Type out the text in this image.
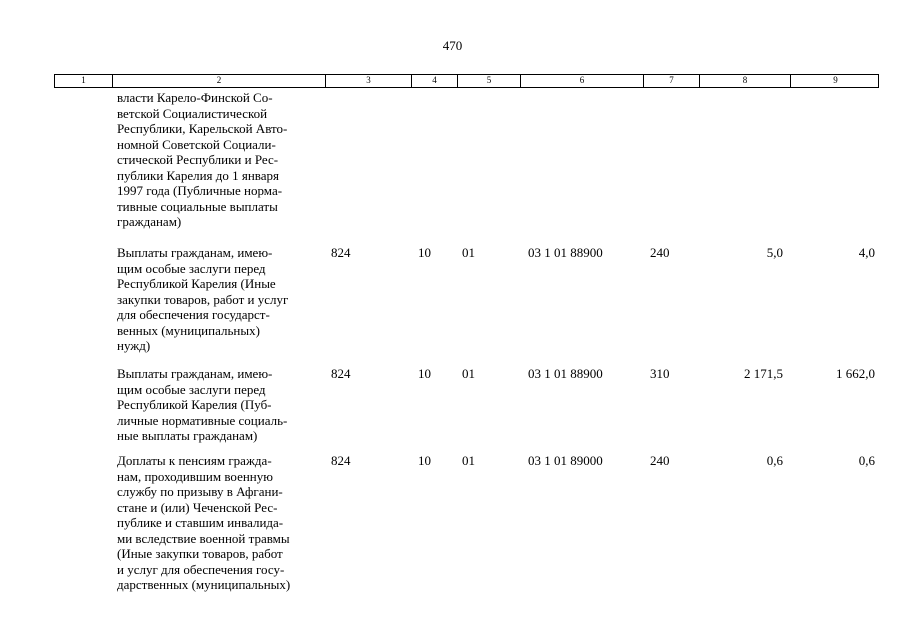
470
1	2	3	4	5	6	7	8	9
власти Карело-Финской Со-
ветской Социалистической
Республики, Карельской Авто-
номной Советской Социали-
стической Республики и Рес-
публики Карелия до 1 января
1997 года (Публичные норма-
тивные социальные выплаты
гражданам)
Выплаты гражданам, имею-
щим особые заслуги перед
Республикой Карелия (Иные
закупки товаров, работ и услуг
для обеспечения государст-
венных (муниципальных)
нужд)
824	10 01	03 1 01 88900	240	5,0	4,0
Выплаты гражданам, имею-
щим особые заслуги перед
Республикой Карелия (Пуб-
личные нормативные социаль-
ные выплаты гражданам)
824	10 01	03 1 01 88900	310	2 171,5	1 662,0
Доплаты к пенсиям гражда-
нам, проходившим военную
службу по призыву в Афгани-
стане и (или) Чеченской Рес-
публике и ставшим инвалида-
ми вследствие военной травмы
(Иные закупки товаров, работ
и услуг для обеспечения госу-
дарственных (муниципальных)
824	10 01	03 1 01 89000	240	0,6	0,6
